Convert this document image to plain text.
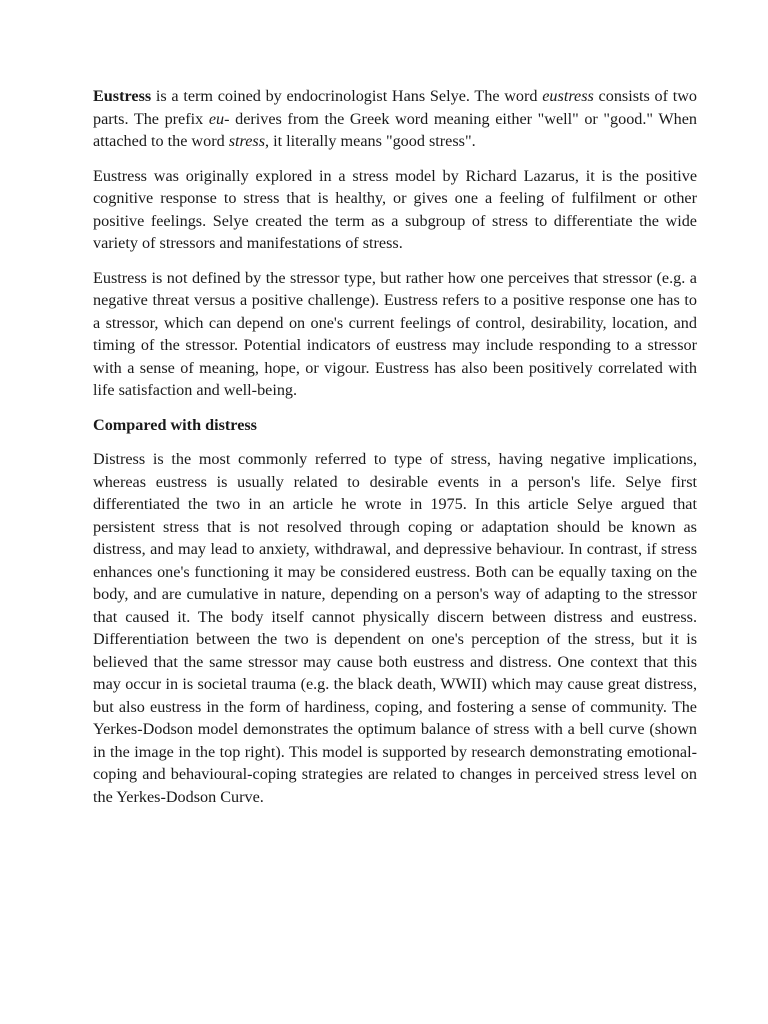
Eustress is a term coined by endocrinologist Hans Selye. The word eustress consists of two parts. The prefix eu- derives from the Greek word meaning either "well" or "good." When attached to the word stress, it literally means "good stress".

Eustress was originally explored in a stress model by Richard Lazarus, it is the positive cognitive response to stress that is healthy, or gives one a feeling of fulfilment or other positive feelings. Selye created the term as a subgroup of stress to differentiate the wide variety of stressors and manifestations of stress.

Eustress is not defined by the stressor type, but rather how one perceives that stressor (e.g. a negative threat versus a positive challenge). Eustress refers to a positive response one has to a stressor, which can depend on one's current feelings of control, desirability, location, and timing of the stressor. Potential indicators of eustress may include responding to a stressor with a sense of meaning, hope, or vigour. Eustress has also been positively correlated with life satisfaction and well-being.

Compared with distress

Distress is the most commonly referred to type of stress, having negative implications, whereas eustress is usually related to desirable events in a person's life. Selye first differentiated the two in an article he wrote in 1975. In this article Selye argued that persistent stress that is not resolved through coping or adaptation should be known as distress, and may lead to anxiety, withdrawal, and depressive behaviour. In contrast, if stress enhances one's functioning it may be considered eustress. Both can be equally taxing on the body, and are cumulative in nature, depending on a person's way of adapting to the stressor that caused it. The body itself cannot physically discern between distress and eustress. Differentiation between the two is dependent on one's perception of the stress, but it is believed that the same stressor may cause both eustress and distress. One context that this may occur in is societal trauma (e.g. the black death, WWII) which may cause great distress, but also eustress in the form of hardiness, coping, and fostering a sense of community. The Yerkes-Dodson model demonstrates the optimum balance of stress with a bell curve (shown in the image in the top right). This model is supported by research demonstrating emotional-coping and behavioural-coping strategies are related to changes in perceived stress level on the Yerkes-Dodson Curve.
